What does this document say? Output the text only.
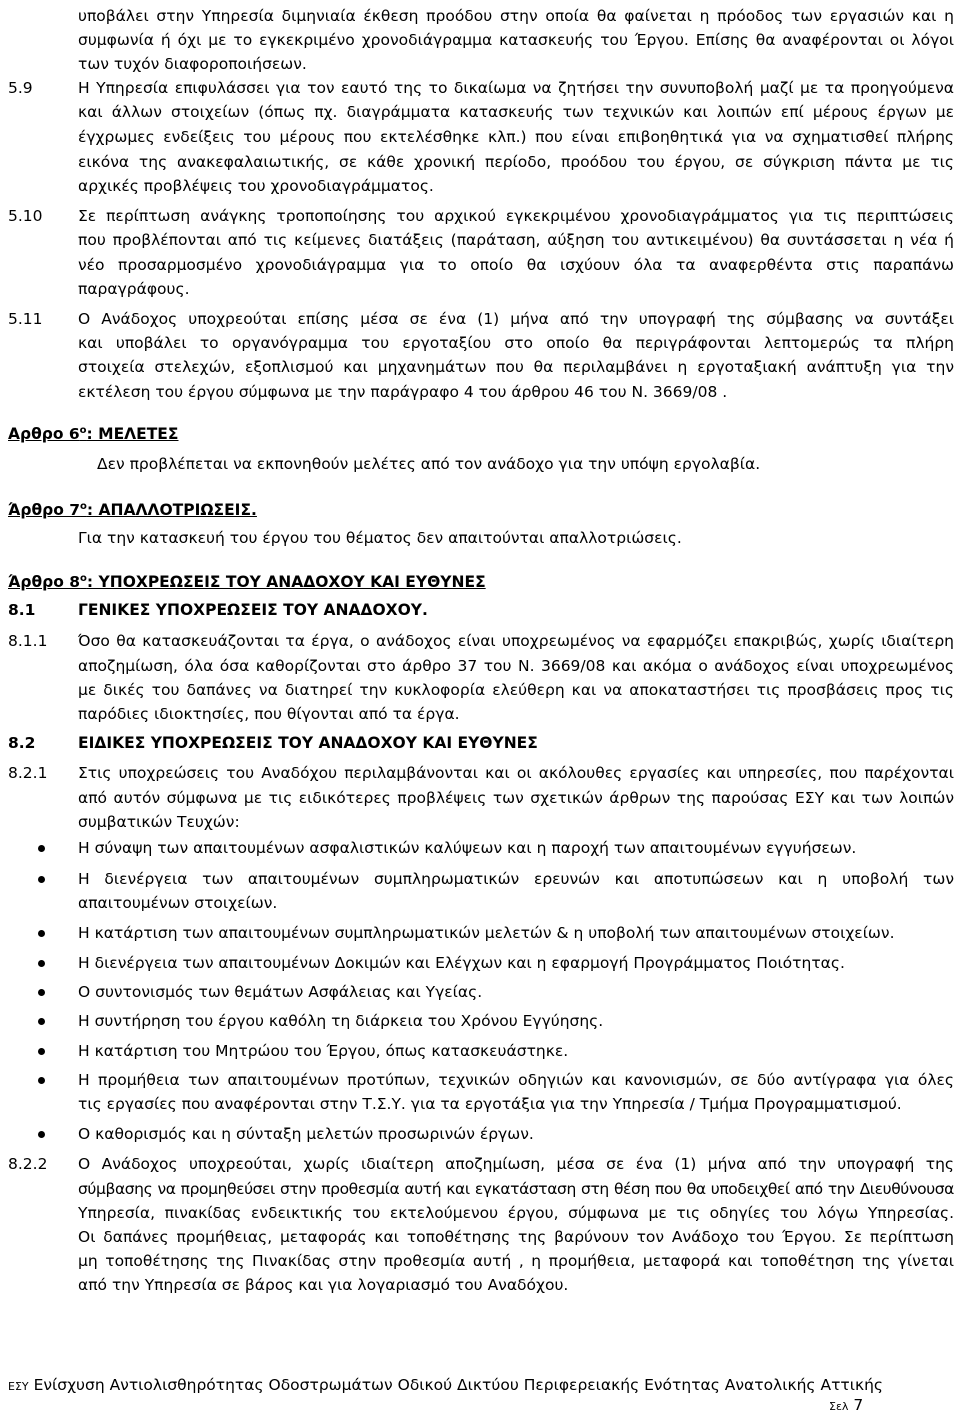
υποβάλει στην Υπηρεσία διμηνιαία έκθεση προόδου στην οποία θα φαίνεται η πρόοδος των εργασιών και η
συμφωνία ή όχι με το εγκεκριμένο χρονοδιάγραμμα κατασκευής του Έργου. Επίσης θα αναφέρονται οι λόγοι
των τυχόν διαφοροποιήσεων.
5.9	Η Υπηρεσία επιφυλάσσει για τον εαυτό της το δικαίωμα να ζητήσει την συνυποβολή μαζί με τα προηγούμενα
και άλλων στοιχείων (όπως πχ. διαγράμματα κατασκευής των τεχνικών και λοιπών επί μέρους έργων με
έγχρωμες ενδείξεις του μέρους που εκτελέσθηκε κλπ.) που είναι επιβοηθητικά για να σχηματισθεί πλήρης
εικόνα της ανακεφαλαιωτικής, σε κάθε χρονική περίοδο, προόδου του έργου, σε σύγκριση πάντα με τις
αρχικές προβλέψεις του χρονοδιαγράμματος.
5.10 Σε περίπτωση ανάγκης τροποποίησης του αρχικού εγκεκριμένου χρονοδιαγράμματος για τις περιπτώσεις
που προβλέπονται από τις κείμενες διατάξεις (παράταση, αύξηση του αντικειμένου) θα συντάσσεται η νέα ή
νέο προσαρμοσμένο χρονοδιάγραμμα για το οποίο θα ισχύουν όλα τα αναφερθέντα στις παραπάνω
παραγράφους.
5.11 Ο Ανάδοχος υποχρεούται επίσης μέσα σε ένα (1) μήνα από την υπογραφή της σύμβασης να συντάξει
και υποβάλει το οργανόγραμμα του εργοταξίου στο οποίο θα περιγράφονται λεπτομερώς τα πλήρη
στοιχεία στελεχών, εξοπλισμού και μηχανημάτων που θα περιλαμβάνει η εργοταξιακή ανάπτυξη για την
εκτέλεση του έργου σύμφωνα με την παράγραφο 4 του άρθρου 46 του Ν. 3669/08 .
Αρθρο $6^o$: ΜΕΛΕΤΕΣ
Δεν προβλέπεται να εκπονηθούν μελέτες από τον ανάδοχο για την υπόψη εργολαβία.
Άρθρο $7^o$: ΑΠΑΛΛΟΤΡΙΩΣΕΙΣ.
Για την κατασκευή του έργου του θέματος δεν απαιτούνται απαλλοτριώσεις.
Άρθρο $8^o$: ΥΠΟΧΡΕΩΣΕΙΣ ΤΟΥ ΑΝΑΔΟΧΟΥ ΚΑΙ ΕΥΘΥΝΕΣ
8.1	ΓΕΝΙΚΕΣ ΥΠΟΧΡΕΩΣΕΙΣ ΤΟΥ ΑΝΑΔΟΧΟΥ.
8.1.1 Όσο θα κατασκευάζονται τα έργα, ο ανάδοχος είναι υποχρεωμένος να εφαρμόζει επακριβώς, χωρίς ιδιαίτερη
αποζημίωση, όλα όσα καθορίζονται στο άρθρο 37 του Ν. 3669/08 και ακόμα ο ανάδοχος είναι υποχρεωμένος
με δικές του δαπάνες να διατηρεί την κυκλοφορία ελεύθερη και να αποκαταστήσει τις προσβάσεις προς τις
παρόδιες ιδιοκτησίες, που θίγονται από τα έργα.
8.2	ΕΙΔΙΚΕΣ ΥΠΟΧΡΕΩΣΕΙΣ ΤΟΥ ΑΝΑΔΟΧΟΥ ΚΑΙ ΕΥΘΥΝΕΣ
8.2.1 Στις υποχρεώσεις του Αναδόχου περιλαμβάνονται και οι ακόλουθες εργασίες και υπηρεσίες, που παρέχονται
από αυτόν σύμφωνα με τις ειδικότερες προβλέψεις των σχετικών άρθρων της παρούσας ΕΣΥ και των λοιπών
συμβατικών Τευχών:
Η σύναψη των απαιτουμένων ασφαλιστικών καλύψεων και η παροχή των απαιτουμένων εγγυήσεων.
Η διενέργεια των απαιτουμένων συμπληρωματικών ερευνών και αποτυπώσεων και η υποβολή των
απαιτουμένων στοιχείων.
Η κατάρτιση των απαιτουμένων συμπληρωματικών μελετών & η υποβολή των απαιτουμένων στοιχείων.
Η διενέργεια των απαιτουμένων Δοκιμών και Ελέγχων και η εφαρμογή Προγράμματος Ποιότητας.
Ο συντονισμός των θεμάτων Ασφάλειας και Υγείας.
Η συντήρηση του έργου καθόλη τη διάρκεια του Χρόνου Εγγύησης.
Η κατάρτιση του Μητρώου του Έργου, όπως κατασκευάστηκε.
Η προμήθεια των απαιτουμένων προτύπων, τεχνικών οδηγιών και κανονισμών, σε δύο αντίγραφα για όλες
τις εργασίες που αναφέρονται στην Τ.Σ.Υ. για τα εργοτάξια για την Υπηρεσία / Τμήμα Προγραμματισμού.
Ο καθορισμός και η σύνταξη μελετών προσωρινών έργων.
8.2.2 Ο Ανάδοχος υποχρεούται, χωρίς ιδιαίτερη αποζημίωση, μέσα σε ένα (1) μήνα από την υπογραφή της
σύμβασης να προμηθεύσει στην προθεσμία αυτή και εγκατάσταση στη θέση που θα υποδειχθεί από την Διευθύνουσα
Υπηρεσία, πινακίδας ενδεικτικής του εκτελούμενου έργου, σύμφωνα με τις οδηγίες του λόγω Υπηρεσίας.
Οι δαπάνες προμήθειας, μεταφοράς και τοποθέτησης της βαρύνουν τον Ανάδοχο του Έργου. Σε περίπτωση
μη τοποθέτησης της Πινακίδας στην προθεσμία αυτή , η προμήθεια, μεταφορά και τοποθέτηση της γίνεται
από την Υπηρεσία σε βάρος και για λογαριασμό του Αναδόχου.
ΕΣΥ Ενίσχυση Αντιολισθηρότητας Οδοστρωμάτων Οδικού Δικτύου Περιφερειακής Ενότητας Ανατολικής Αττικής
Σελ 7
